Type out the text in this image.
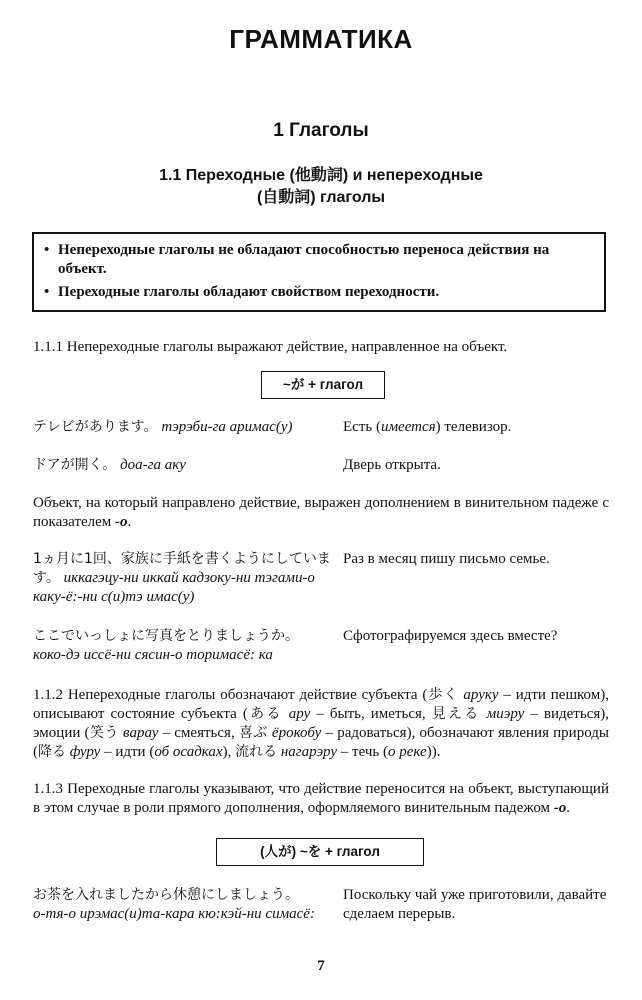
ГРАММАТИКА
1 Глаголы
1.1 Переходные (他動詞) и непереходные
(自動詞) глаголы
• Непереходные глаголы не обладают способностью переноса действия на объект.
• Переходные глаголы обладают свойством переходности.
1.1.1 Непереходные глаголы выражают действие, направленное на объект.
~が + глагол
テレビがあります。 тэрэби-га аримас(у)	Есть (имеется) телевизор.
ドアが開く。 доа-га аку	Дверь открыта.
Объект, на который направлено действие, выражен дополнением в винительном падеже с показателем -о.
1ヵ月に1回、家族に手紙を書くようにしています。 иккагэцу-ни иккай кадзоку-ни тэгами-о каку-ё:-ни с(и)тэ имас(у)
Раз в месяц пишу письмо семье.
ここでいっしょに写真をとりましょうか。
коко-дэ иссё-ни сясин-о торимасё: ка
Сфотографируемся здесь вместе?
1.1.2 Непереходные глаголы обозначают действие субъекта (歩く аруку – идти пешком), описывают состояние субъекта (ある ару – быть, иметься, 見える миэру – видеться), эмоции (笑う варау – смеяться, 喜ぶ ёрокобу – радоваться), обозначают явления природы (降る фуру – идти (об осадках), 流れる нагарэру – течь (о реке)).
1.1.3 Переходные глаголы указывают, что действие переносится на объект, выступающий в этом случае в роли прямого дополнения, оформляемого винительным падежом -о.
(人が) ~を + глагол
お茶を入れましたから休憩にしましょう。
о-тя-о ирэмас(и)та-кара кю:кэй-ни симасё:
Поскольку чай уже приготовили, давайте сделаем перерыв.
7
